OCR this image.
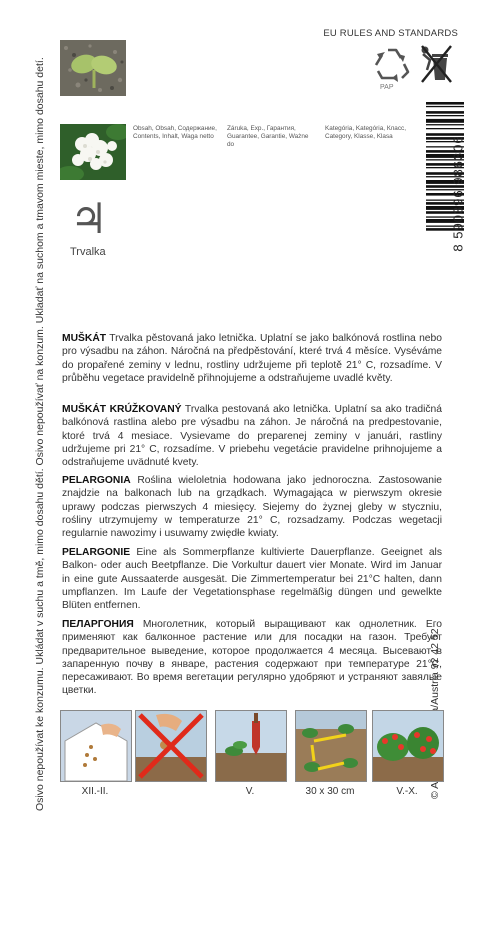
Osivo nepoužívat ke konzumu. Ukládat v suchu a tmě, mimo dosahu dětí. Osivo nepoužívať na konzum. Ukladať na suchom a tmavom mieste, mimo dosahu detí.
EU RULES AND STANDARDS
PAP
Obsah, Obsah, Содержание,
Contents, Inhalt, Waga netto
Záruka, Exp., Гарантия,
Guarantee, Garantie, Ważne do
Kategória, Kategória, Класс,
Category, Klasse, Klasa	8 590396 986306
♃
Trvalka
MUŠKÁT Trvalka pěstovaná jako letnička. Uplatní se jako balkónová rostlina nebo pro výsadbu na záhon. Náročná na předpěstování, které trvá 4 měsíce. Vyséváme do propařené zeminy v lednu, rostliny udržujeme při teplotě 21° C, rozsadíme. V průběhu vegetace pravidelně přihnojujeme a odstraňujeme uvadlé květy.
MUŠKÁT KRÚŽKOVANÝ Trvalka pestovaná ako letnička. Uplatní sa ako tradičná balkónová rastlina alebo pre výsadbu na záhon. Je náročná na predpestovanie, ktoré trvá 4 mesiace. Vysievame do preparenej zeminy v januári, rastliny udržujeme pri 21° C, rozsadíme. V priebehu vegetácie pravidelne prihnojujeme a odstraňujeme uvädnuté kvety.
PELARGONIA Roślina wieloletnia hodowana jako jednoroczna. Zastosowanie znajdzie na balkonach lub na grządkach. Wymagająca w pierwszym okresie uprawy podczas pierwszych 4 miesięcy. Siejemy do żyznej gleby w styczniu, rośliny utrzymujemy w temperaturze 21° C, rozsadzamy. Podczas wegetacji regularnie nawozimy i usuwamy zwiędłe kwiaty.
PELARGONIE Eine als Sommerpflanze kultivierte Dauerpflanze. Geeignet als Balkon- oder auch Beetpflanze. Die Vorkultur dauert vier Monate. Wird im Januar in eine gute Aussaaterde ausgesät. Die Zimmertemperatur bei 21°C halten, dann umpflanzen. Im Laufe der Vegetationsphase regelmäßig düngen und gewelkte Blüten entfernen.
ПЕЛАРГОНИЯ Многолетник, который выращивают как однолетник. Его применяют как балконное растение или для посадки на газон. Требует предварительное выведение, которое продолжается 4 месяца. Высевают в запаренную почву в январе, растения содержают при температуре 21°C, пересаживают. Во время вегетации регулярно удобряют и устраняют завялые цветки.
XII.-II.	V.	30 x 30 cm	V.-X.
